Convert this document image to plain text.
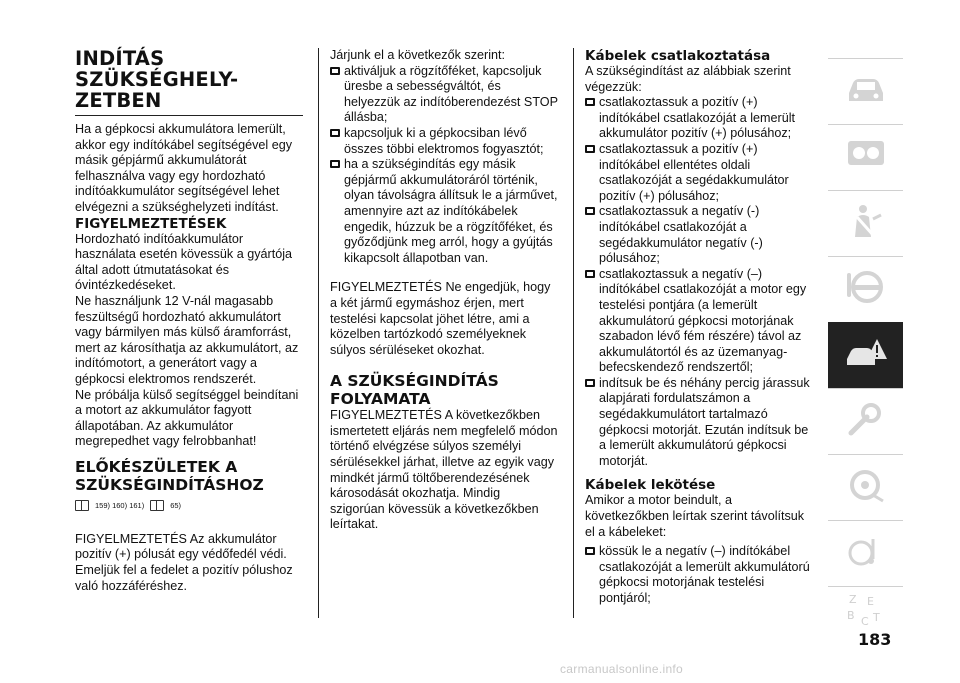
INDÍTÁS
SZÜKSÉGHELY-
ZETBEN

Ha a gépkocsi akkumulátora lemerült, akkor egy indítókábel segítségével egy másik gépjármű akkumulátorát felhasználva vagy egy hordozható indítóakkumulátor segítségével lehet elvégezni a szükséghelyzeti indítást.

FIGYELMEZTETÉSEK

Hordozható indítóakkumulátor használata esetén kövessük a gyártója által adott útmutatásokat és óvintézkedéseket.

Ne használjunk 12 V-nál magasabb feszültségű hordozható akkumulátort vagy bármilyen más külső áramforrást, mert az károsíthatja az akkumulátort, az indítómotort, a generátort vagy a gépkocsi elektromos rendszerét.

Ne próbálja külső segítséggel beindítani a motort az akkumulátor fagyott állapotában. Az akkumulátor megrepedhet vagy felrobbanhat!

ELŐKÉSZÜLETEK A
SZÜKSÉGINDÍTÁSHOZ
159) 160) 161)	65)

FIGYELMEZTETÉS Az akkumulátor pozitív (+) pólusát egy védőfedél védi. Emeljük fel a fedelet a pozitív pólushoz való hozzáféréshez.

Járjunk el a következők szerint:

aktiváljuk a rögzítőféket, kapcsoljuk üresbe a sebességváltót, és helyezzük az indítóberendezést STOP állásba;
kapcsoljuk ki a gépkocsiban lévő összes többi elektromos fogyasztót;
ha a szükségindítás egy másik gépjármű akkumulátoráról történik, olyan távolságra állítsuk le a járművet, amennyire azt az indítókábelek engedik, húzzuk be a rögzítőféket, és győződjünk meg arról, hogy a gyújtás kikapcsolt állapotban van.

FIGYELMEZTETÉS Ne engedjük, hogy a két jármű egymáshoz érjen, mert testelési kapcsolat jöhet létre, ami a közelben tartózkodó személyeknek súlyos sérüléseket okozhat.

A SZÜKSÉGINDÍTÁS
FOLYAMATA

FIGYELMEZTETÉS A következőkben ismertetett eljárás nem megfelelő módon történő elvégzése súlyos személyi sérülésekkel járhat, illetve az egyik vagy mindkét jármű töltőberendezésének károsodását okozhatja. Mindig szigorúan kövessük a következőkben leírtakat.

Kábelek csatlakoztatása

A szükségindítást az alábbiak szerint végezzük:

csatlakoztassuk a pozitív (+) indítókábel csatlakozóját a lemerült akkumulátor pozitív (+) pólusához;
csatlakoztassuk a pozitív (+) indítókábel ellentétes oldali csatlakozóját a segédakkumulátor pozitív (+) pólusához;
csatlakoztassuk a negatív (-) indítókábel csatlakozóját a segédakkumulátor negatív (-) pólusához;
csatlakoztassuk a negatív (–) indítókábel csatlakozóját a motor egy testelési pontjára (a lemerült akkumulátorú gépkocsi motorjának szabadon lévő fém részére) távol az akkumulátortól és az üzemanyag-befecskendező rendszertől;
indítsuk be és néhány percig járassuk alapjárati fordulatszámon a segédakkumulátort tartalmazó gépkocsi motorját. Ezután indítsuk be a lemerült akkumulátorú gépkocsi motorját.
Kábelek lekötése

Amikor a motor beindult, a következőkben leírtak szerint távolítsuk el a kábeleket:

kössük le a negatív (–) indítókábel csatlakozóját a lemerült akkumulátorú gépkocsi motorjának testelési pontjáról;	Z E
B C T
183
carmanualsonline.info
